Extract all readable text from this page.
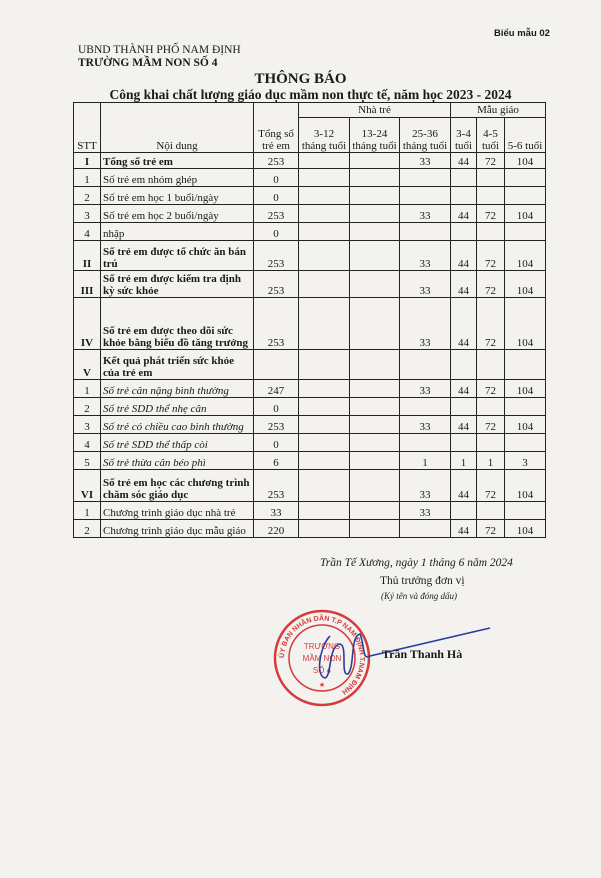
Biểu mẫu 02
UBND THÀNH PHỐ NAM ĐỊNH
TRƯỜNG MẦM NON SỐ 4
THÔNG BÁO
Công khai chất lượng giáo dục mầm non thực tế, năm học 2023 - 2024
STT	Nội dung	Tổng số trẻ em	Nhà trẻ			Mẫu giáo		
			3-12 tháng tuổi	13-24 tháng tuổi	25-36 tháng tuổi	3-4 tuổi	4-5 tuổi	5-6 tuổi
I	Tổng số trẻ em	253			33	44	72	104
1	Số trẻ em nhóm ghép	0						
2	Số trẻ em học 1 buổi/ngày	0						
3	Số trẻ em học 2 buổi/ngày	253			33	44	72	104
4	nhập	0						
II	Số trẻ em được tổ chức ăn bán trú	253			33	44	72	104
III	Số trẻ em được kiểm tra định kỳ sức khỏe	253			33	44	72	104
IV	Số trẻ em được theo dõi sức khỏe bằng biểu đồ tăng trưởng	253			33	44	72	104
V	Kết quả phát triển sức khỏe của trẻ em							
1	Số trẻ cân nặng bình thường	247			33	44	72	104
2	Số trẻ SDD thể nhẹ cân	0						
3	Số trẻ có chiều cao bình thường	253			33	44	72	104
4	Số trẻ SDD thể thấp còi	0						
5	Số trẻ thừa cân béo phì	6			1	1	1	3
VI	Số trẻ em học các chương trình chăm sóc giáo dục	253			33	44	72	104
1	Chương trình giáo dục nhà trẻ	33			33			
2	Chương trình giáo dục mẫu giáo	220				44	72	104
Trần Tế Xương, ngày 1 tháng 6 năm 2024
Thủ trưởng đơn vị
(Ký tên và đóng dấu)
ỦY BAN NHÂN DÂN T.P NAM ĐỊNH T.NAM ĐỊNH
TRƯỜNG
MẦM NON
SỐ 4
★
Trần Thanh Hà
